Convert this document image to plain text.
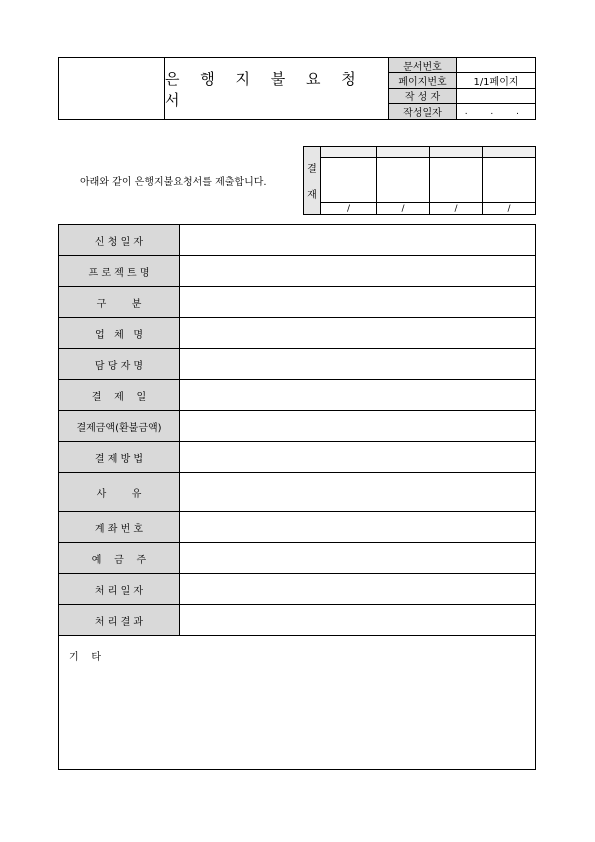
은 행 지 불 요 청 서
문서번호
페이지번호	1/1페이지
작 성 자
작성일자	. . .
아래와 같이 은행지불요청서를 제출합니다.
결
재
/	/	/	/
신 청 일 자
프 로 젝 트 명
구        분
업   체   명
담 당 자 명
결    제    일
결제금액(환불금액)
결 제 방 법
사        유
계 좌 번 호
예    금    주
처 리 일 자
처 리 결 과
기    타
